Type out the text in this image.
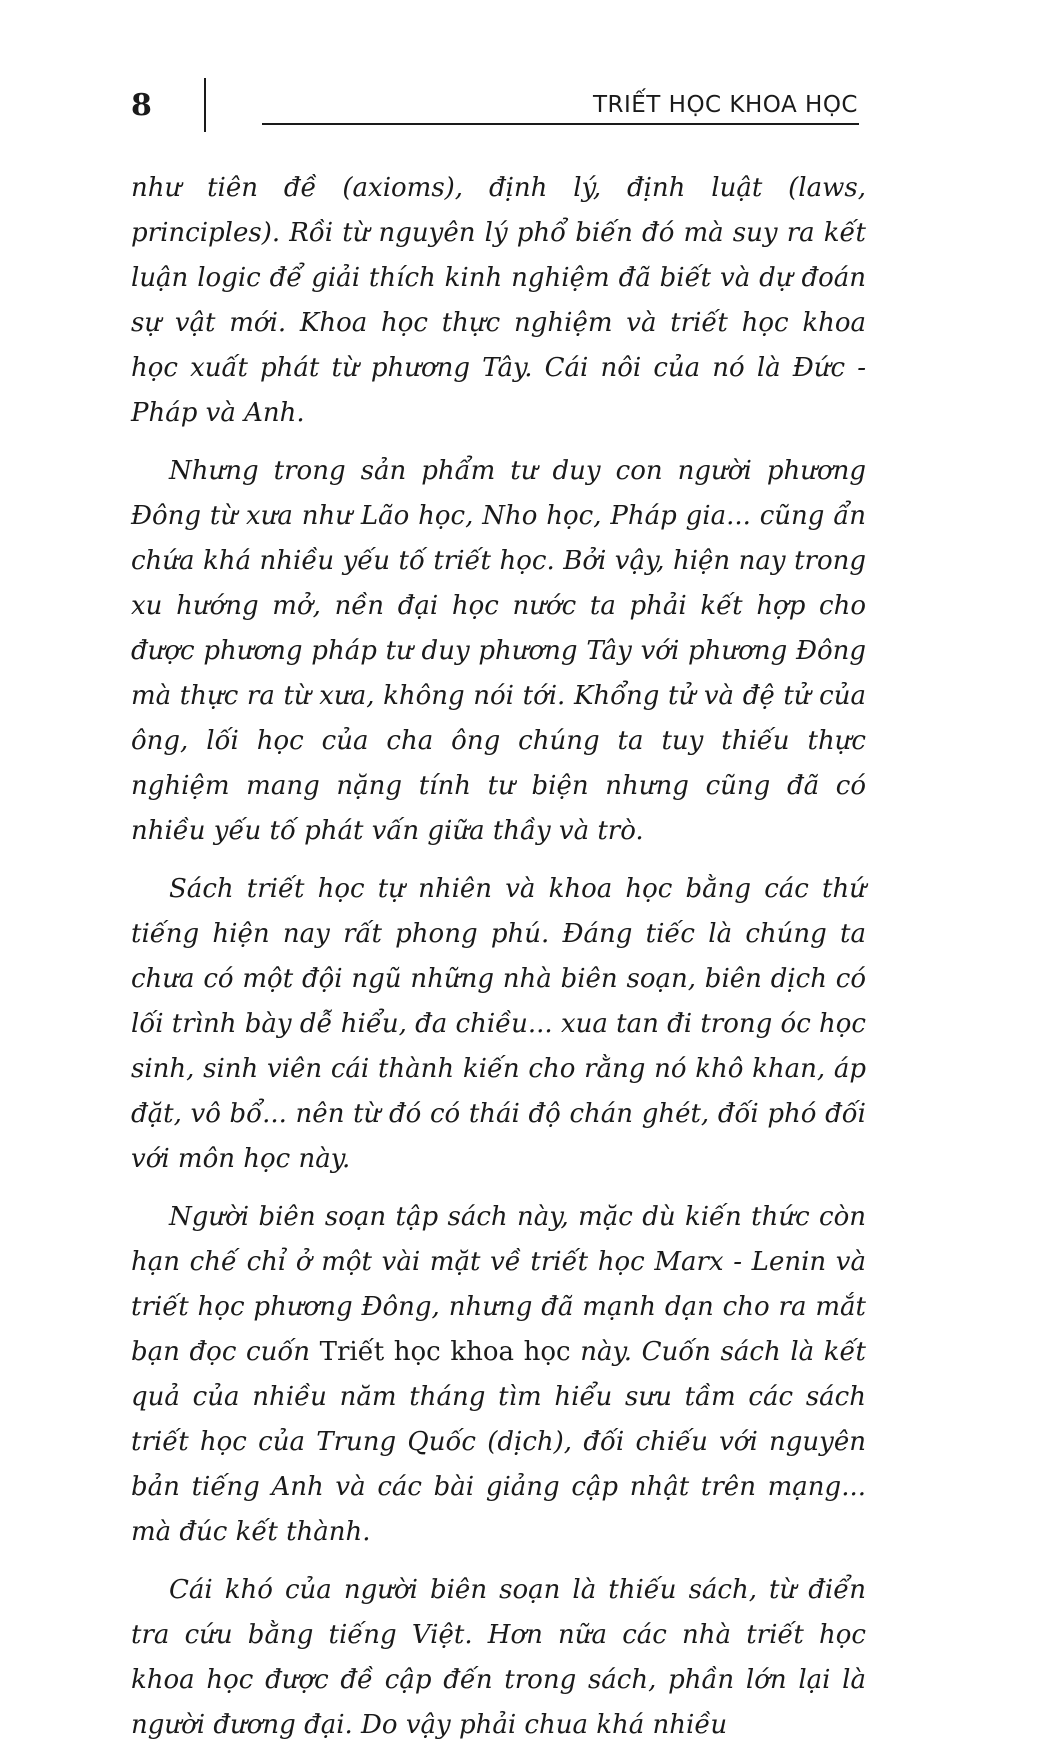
8	TRIẾT HỌC KHOA HỌC

như tiên đề (axioms), định lý, định luật (laws, principles). Rồi từ nguyên lý phổ biến đó mà suy ra kết luận logic để giải thích kinh nghiệm đã biết và dự đoán sự vật mới. Khoa học thực nghiệm và triết học khoa học xuất phát từ phương Tây. Cái nôi của nó là Đức - Pháp và Anh.

Nhưng trong sản phẩm tư duy con người phương Đông từ xưa như Lão học, Nho học, Pháp gia... cũng ẩn chứa khá nhiều yếu tố triết học. Bởi vậy, hiện nay trong xu hướng mở, nền đại học nước ta phải kết hợp cho được phương pháp tư duy phương Tây với phương Đông mà thực ra từ xưa, không nói tới. Khổng tử và đệ tử của ông, lối học của cha ông chúng ta tuy thiếu thực nghiệm mang nặng tính tư biện nhưng cũng đã có nhiều yếu tố phát vấn giữa thầy và trò.

Sách triết học tự nhiên và khoa học bằng các thứ tiếng hiện nay rất phong phú. Đáng tiếc là chúng ta chưa có một đội ngũ những nhà biên soạn, biên dịch có lối trình bày dễ hiểu, đa chiều... xua tan đi trong óc học sinh, sinh viên cái thành kiến cho rằng nó khô khan, áp đặt, vô bổ... nên từ đó có thái độ chán ghét, đối phó đối với môn học này.

Người biên soạn tập sách này, mặc dù kiến thức còn hạn chế chỉ ở một vài mặt về triết học Marx - Lenin và triết học phương Đông, nhưng đã mạnh dạn cho ra mắt bạn đọc cuốn Triết học khoa học này. Cuốn sách là kết quả của nhiều năm tháng tìm hiểu sưu tầm các sách triết học của Trung Quốc (dịch), đối chiếu với nguyên bản tiếng Anh và các bài giảng cập nhật trên mạng... mà đúc kết thành.

Cái khó của người biên soạn là thiếu sách, từ điển tra cứu bằng tiếng Việt. Hơn nữa các nhà triết học khoa học được đề cập đến trong sách, phần lớn lại là người đương đại. Do vậy phải chua khá nhiều
